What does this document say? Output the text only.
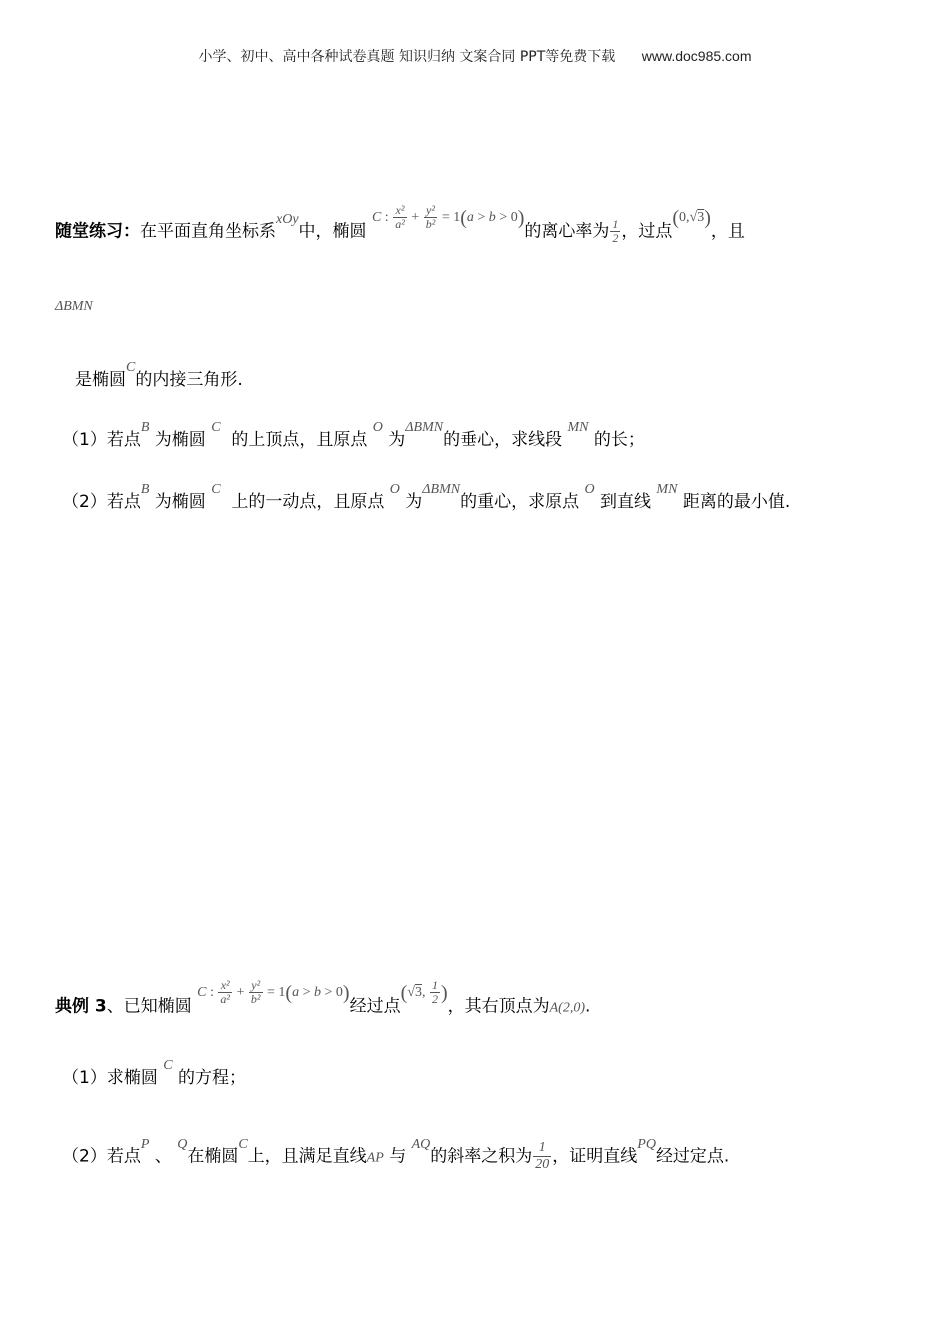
小学、初中、高中各种试卷真题 知识归纳 文案合同 PPT等免费下载 www.doc985.com
随堂练习：在平面直角坐标系$^{xOy}$中，椭圆 $^{C : \frac{\text{x²}}{\text{a²}} + \frac{\text{y²}}{\text{b²}} = 1(a > b > 0)}$的离心率为 $\frac{1}{2}$ ，过点$^{(0,√3)}$，且
ΔBMN
是椭圆$^C$的内接三角形.
（1）若点$^B$ 为椭圆 $^C$  的上顶点，且原点 $^O$ 为$^{\Delta BMN}$的垂心，求线段 $^{MN}$ 的长；
（2）若点$^B$ 为椭圆 $^C$  上的一动点，且原点 $^O$ 为$^{\Delta BMN}$的重心，求原点 $^O$ 到直线 $^{MN}$ 距离的最小值.
典例 3、已知椭圆 $^{C : \frac{\text{x²}}{\text{a²}} + \frac{\text{y²}}{\text{b²}} = 1(a > b > 0)}$经过点$^{(√3, \frac{1}{2} )}$，其右顶点为A(2,0).
（1）求椭圆 $^C$ 的方程；
（2）若点$^P$ 、 $^Q$在椭圆$^C$上，且满足直线AP 与 $^{AQ}$的斜率之积为 $\frac{1}{20}$ ，证明直线$^{PQ}$经过定点.
